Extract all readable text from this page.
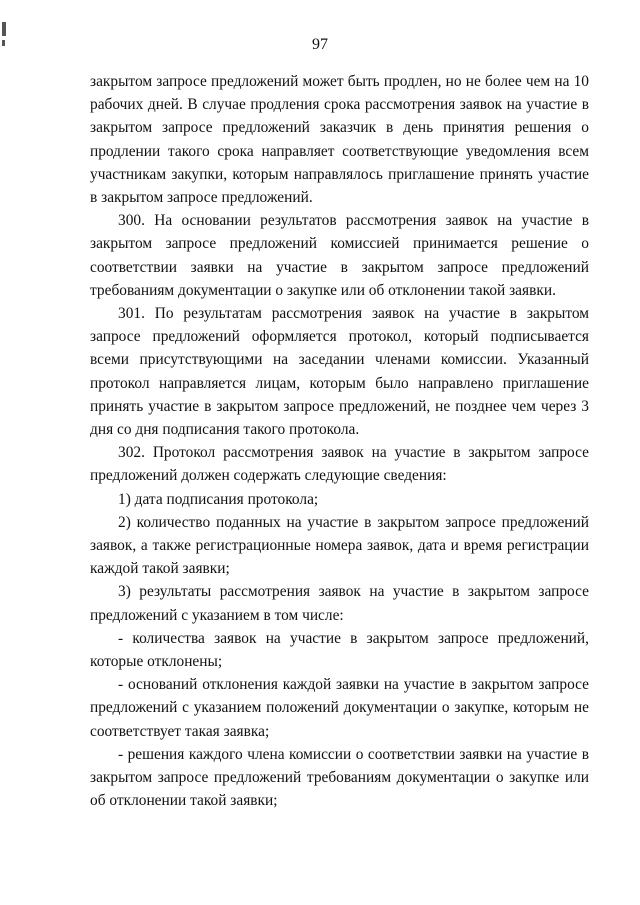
97

закрытом запросе предложений может быть продлен, но не более чем на 10 рабочих дней. В случае продления срока рассмотрения заявок на участие в закрытом запросе предложений заказчик в день принятия решения о продлении такого срока направляет соответствующие уведомления всем участникам закупки, которым направлялось приглашение принять участие в закрытом запросе предложений.

300. На основании результатов рассмотрения заявок на участие в закрытом запросе предложений комиссией принимается решение о соответствии заявки на участие в закрытом запросе предложений требованиям документации о закупке или об отклонении такой заявки.

301. По результатам рассмотрения заявок на участие в закрытом запросе предложений оформляется протокол, который подписывается всеми присутствующими на заседании членами комиссии. Указанный протокол направляется лицам, которым было направлено приглашение принять участие в закрытом запросе предложений, не позднее чем через 3 дня со дня подписания такого протокола.

302. Протокол рассмотрения заявок на участие в закрытом запросе предложений должен содержать следующие сведения:

1) дата подписания протокола;

2) количество поданных на участие в закрытом запросе предложений заявок, а также регистрационные номера заявок, дата и время регистрации каждой такой заявки;

3) результаты рассмотрения заявок на участие в закрытом запросе предложений с указанием в том числе:

- количества заявок на участие в закрытом запросе предложений, которые отклонены;

- оснований отклонения каждой заявки на участие в закрытом запросе предложений с указанием положений документации о закупке, которым не соответствует такая заявка;

- решения каждого члена комиссии о соответствии заявки на участие в закрытом запросе предложений требованиям документации о закупке или об отклонении такой заявки;
